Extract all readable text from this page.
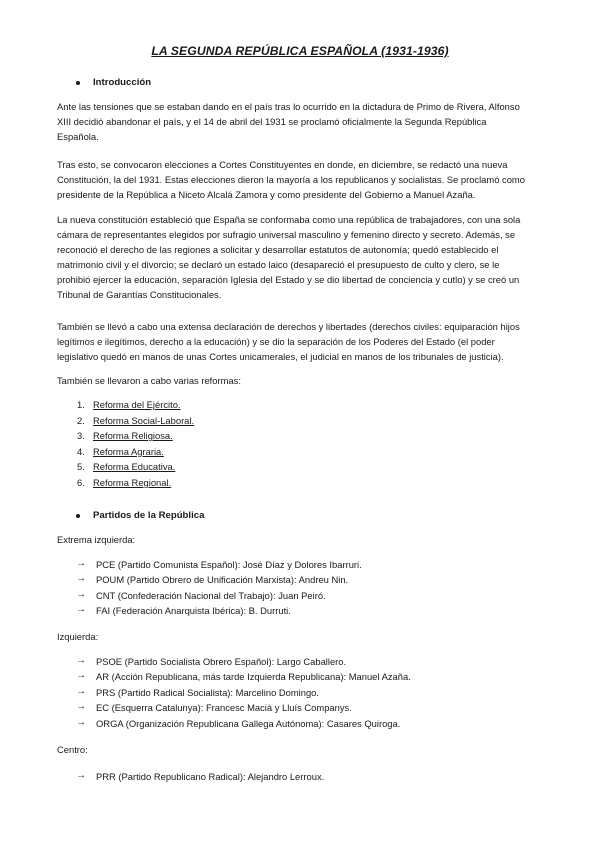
LA SEGUNDA REPÚBLICA ESPAÑOLA (1931-1936)
Introducción
Ante las tensiones que se estaban dando en el país tras lo ocurrido en la dictadura de Primo de Rivera, Alfonso
XIII decidió abandonar el país, y el 14 de abril del 1931 se proclamó oficialmente la Segunda República
Española.
Tras esto, se convocaron elecciones a Cortes Constituyentes en donde, en diciembre, se redactó una nueva
Constitución, la del 1931. Estas elecciones dieron la mayoría a los republicanos y socialistas. Se proclamó como
presidente de la República a Niceto Alcalá Zamora y como presidente del Gobierno a Manuel Azaña.
La nueva constitución estableció que España se conformaba como una república de trabajadores, con una sola
cámara de representantes elegidos por sufragio universal masculino y femenino directo y secreto. Además, se
reconoció el derecho de las regiones a solicitar y desarrollar estatutos de autonomía; quedó establecido el
matrimonio civil y el divorcio; se declaró un estado laico (desapareció el presupuesto de culto y clero, se le
prohibió ejercer la educación, separación Iglesia del Estado y se dio libertad de conciencia y cutlo) y se creó un
Tribunal de Garantías Constitucionales.
También se llevó a cabo una extensa declaración de derechos y libertades (derechos civiles: equiparación hijos
legítimos e ilegítimos, derecho a la educación) y se dio la separación de los Poderes del Estado (el poder
legislativo quedó en manos de unas Cortes unicamerales, el judicial en manos de los tribunales de justicia).
También se llevaron a cabo varias reformas:
1. Reforma del Ejército.
2. Reforma Social-Laboral.
3. Reforma Religiosa.
4. Reforma Agraria.
5. Reforma Educativa.
6. Reforma Regional.
Partidos de la República
Extrema izquierda:
→ PCE (Partido Comunista Español): José Díaz y Dolores Ibarruri.
→ POUM (Partido Obrero de Unificación Marxista): Andreu Nin.
→ CNT (Confederación Nacional del Trabajo): Juan Peiró.
→ FAI (Federación Anarquista Ibérica): B. Durruti.
Izquierda:
→ PSOE (Partido Socialista Obrero Español): Largo Caballero.
→ AR (Acción Republicana, más tarde Izquierda Republicana): Manuel Azaña.
→ PRS (Partido Radical Socialista): Marcelino Domingo.
→ EC (Esquerra Catalunya): Francesc Macià y Lluís Companys.
→ ORGA (Organización Republicana Gallega Autónoma): Casares Quiroga.
Centro:
→ PRR (Partido Republicano Radical): Alejandro Lerroux.
